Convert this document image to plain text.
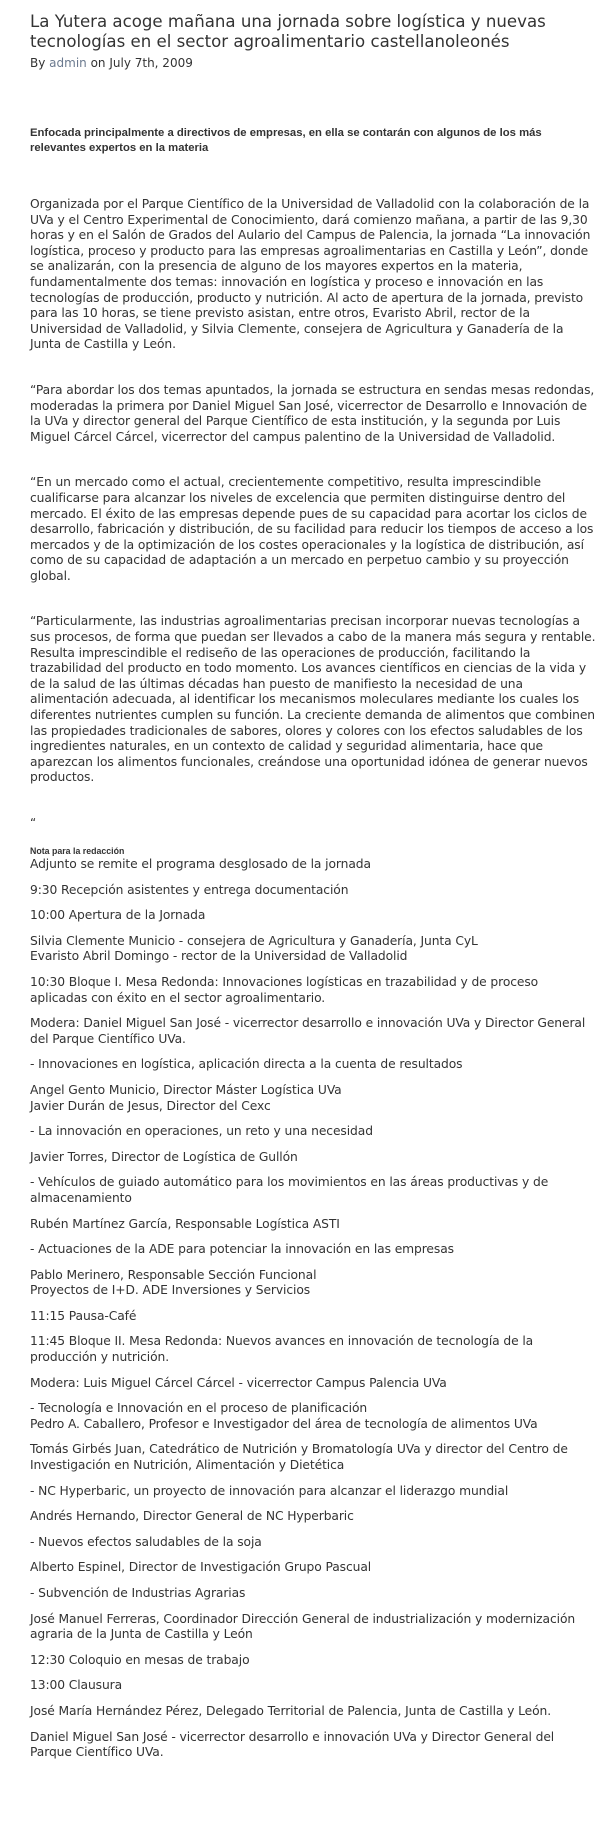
La Yutera acoge mañana una jornada sobre logística y nuevas tecnologías en el sector agroalimentario castellanoleonés
By admin on July 7th, 2009

Enfocada principalmente a directivos de empresas, en ella se contarán con algunos de los más relevantes expertos en la materia

Organizada por el Parque Científico de la Universidad de Valladolid con la colaboración de la UVa y el Centro Experimental de Conocimiento, dará comienzo mañana, a partir de las 9,30 horas y en el Salón de Grados del Aulario del Campus de Palencia, la jornada “La innovación logística, proceso y producto para las empresas agroalimentarias en Castilla y León”, donde se analizarán, con la presencia de alguno de los mayores expertos en la materia, fundamentalmente dos temas: innovación en logística y proceso e innovación en las tecnologías de producción, producto y nutrición. Al acto de apertura de la jornada, previsto para las 10 horas, se tiene previsto asistan, entre otros, Evaristo Abril, rector de la Universidad de Valladolid, y Silvia Clemente, consejera de Agricultura y Ganadería de la Junta de Castilla y León.

“Para abordar los dos temas apuntados, la jornada se estructura en sendas mesas redondas, moderadas la primera por Daniel Miguel San José, vicerrector de Desarrollo e Innovación de la UVa y director general del Parque Científico de esta institución, y la segunda por Luis Miguel Cárcel Cárcel, vicerrector del campus palentino de la Universidad de Valladolid.

“En un mercado como el actual, crecientemente competitivo, resulta imprescindible cualificarse para alcanzar los niveles de excelencia que permiten distinguirse dentro del mercado. El éxito de las empresas depende pues de su capacidad para acortar los ciclos de desarrollo, fabricación y distribución, de su facilidad para reducir los tiempos de acceso a los mercados y de la optimización de los costes operacionales y la logística de distribución, así como de su capacidad de adaptación a un mercado en perpetuo cambio y su proyección global.

“Particularmente, las industrias agroalimentarias precisan incorporar nuevas tecnologías a sus procesos, de forma que puedan ser llevados a cabo de la manera más segura y rentable. Resulta imprescindible el rediseño de las operaciones de producción, facilitando la trazabilidad del producto en todo momento. Los avances científicos en ciencias de la vida y de la salud de las últimas décadas han puesto de manifiesto la necesidad de una alimentación adecuada, al identificar los mecanismos moleculares mediante los cuales los diferentes nutrientes cumplen su función. La creciente demanda de alimentos que combinen las propiedades tradicionales de sabores, olores y colores con los efectos saludables de los ingredientes naturales, en un contexto de calidad y seguridad alimentaria, hace que aparezcan los alimentos funcionales, creándose una oportunidad idónea de generar nuevos productos.

“

Nota para la redacción

Adjunto se remite el programa desglosado de la jornada

9:30 Recepción asistentes y entrega documentación

10:00 Apertura de la Jornada

Silvia Clemente Municio - consejera de Agricultura y Ganadería, Junta CyL
Evaristo Abril Domingo - rector de la Universidad de Valladolid

10:30 Bloque I. Mesa Redonda: Innovaciones logísticas en trazabilidad y de proceso aplicadas con éxito en el sector agroalimentario.

Modera: Daniel Miguel San José - vicerrector desarrollo e innovación UVa y Director General del Parque Científico UVa.

- Innovaciones en logística, aplicación directa a la cuenta de resultados

Angel Gento Municio, Director Máster Logística UVa
Javier Durán de Jesus, Director del Cexc

- La innovación en operaciones, un reto y una necesidad

Javier Torres, Director de Logística de Gullón

- Vehículos de guiado automático para los movimientos en las áreas productivas y de almacenamiento

Rubén Martínez García, Responsable Logística ASTI

- Actuaciones de la ADE para potenciar la innovación en las empresas

Pablo Merinero, Responsable Sección Funcional
Proyectos de I+D. ADE Inversiones y Servicios

11:15 Pausa-Café

11:45 Bloque II. Mesa Redonda: Nuevos avances en innovación de tecnología de la producción y nutrición.

Modera: Luis Miguel Cárcel Cárcel - vicerrector Campus Palencia UVa

- Tecnología e Innovación en el proceso de planificación
Pedro A. Caballero, Profesor e Investigador del área de tecnología de alimentos UVa

Tomás Girbés Juan, Catedrático de Nutrición y Bromatología UVa y director del Centro de Investigación en Nutrición, Alimentación y Dietética

- NC Hyperbaric, un proyecto de innovación para alcanzar el liderazgo mundial

Andrés Hernando, Director General de NC Hyperbaric

- Nuevos efectos saludables de la soja

Alberto Espinel, Director de Investigación Grupo Pascual

- Subvención de Industrias Agrarias

José Manuel Ferreras, Coordinador Dirección General de industrialización y modernización agraria de la Junta de Castilla y León

12:30 Coloquio en mesas de trabajo

13:00 Clausura

José María Hernández Pérez, Delegado Territorial de Palencia, Junta de Castilla y León.

Daniel Miguel San José - vicerrector desarrollo e innovación UVa y Director General del Parque Científico UVa.
